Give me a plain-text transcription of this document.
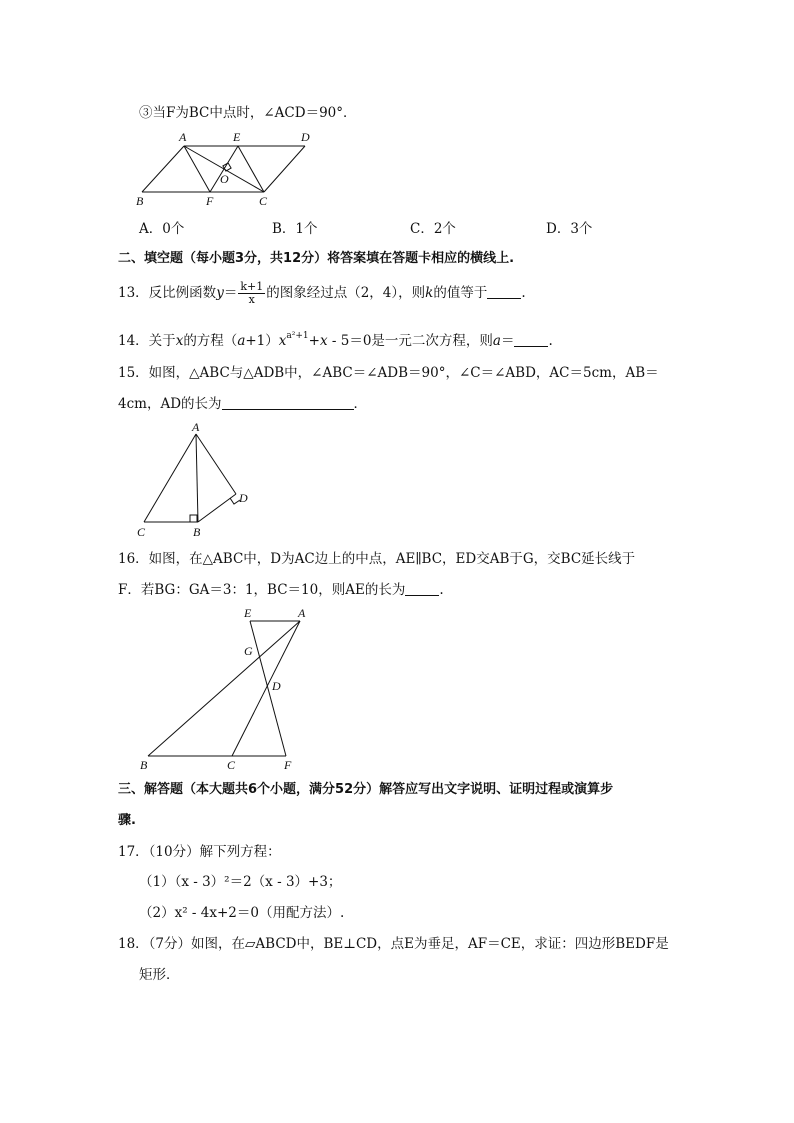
③当F为BC中点时，∠ACD＝90°．
A	E	D
B	F	C
O
A．0个	B．1个	C．2个	D．3个
二、填空题（每小题3分，共12分）将答案填在答题卡相应的横线上.
13．反比例函数$y= \frac{k+1}{x}$ 的图象经过点（2，4），则k的值等于	.
14．关于x的方程$(a+1)x^{a^2+1}+x - 5=0$是一元二次方程，则a＝	.
15．如图，△ABC与△ADB中，∠ABC＝∠ADB＝90°，∠C＝∠ABD，AC＝5cm，AB＝
4cm，AD的长为	．
A
D
C	B
16．如图，在△ABC中，D为AC边上的中点，AE∥BC，ED交AB于G，交BC延长线于
F．若BG：GA＝3：1，BC＝10，则AE的长为	.
E	A
G
D
B	C	F
三、解答题（本大题共6个小题，满分52分）解答应写出文字说明、证明过程或演算步
骤.
17．（10分）解下列方程：
（1）（x - 3）²＝2（x - 3）+3；
（2）x² - 4x+2＝0（用配方法）.
18．（7分）如图，在▱ABCD中，BE⊥CD，点E为垂足，AF＝CE，求证：四边形BEDF是
矩形．
